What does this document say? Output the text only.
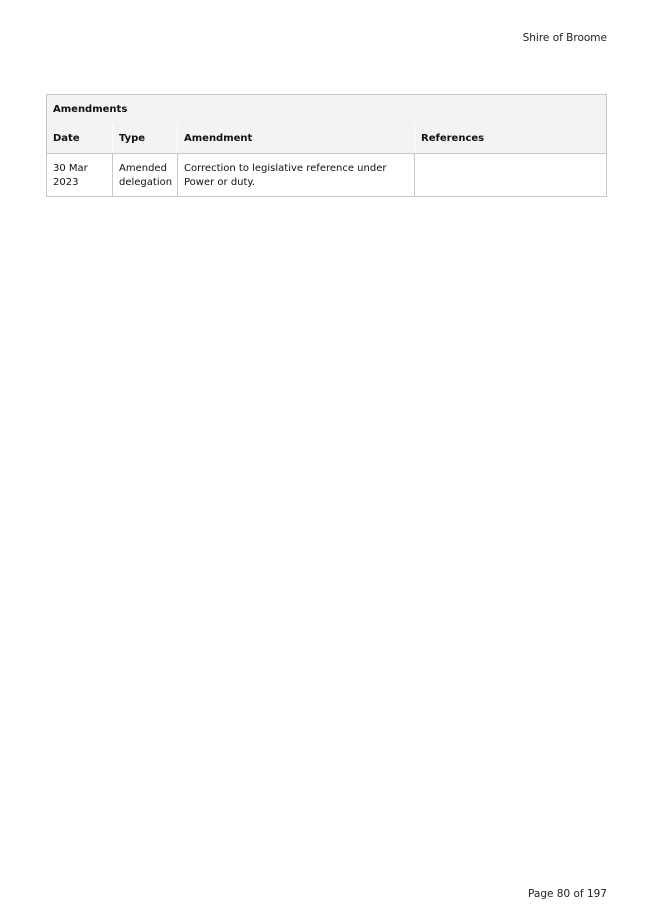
Shire of Broome
Amendments			
Date	Type	Amendment	References
30 Mar 2023	Amended delegation	Correction to legislative reference under Power or duty.	
Page 80 of 197
